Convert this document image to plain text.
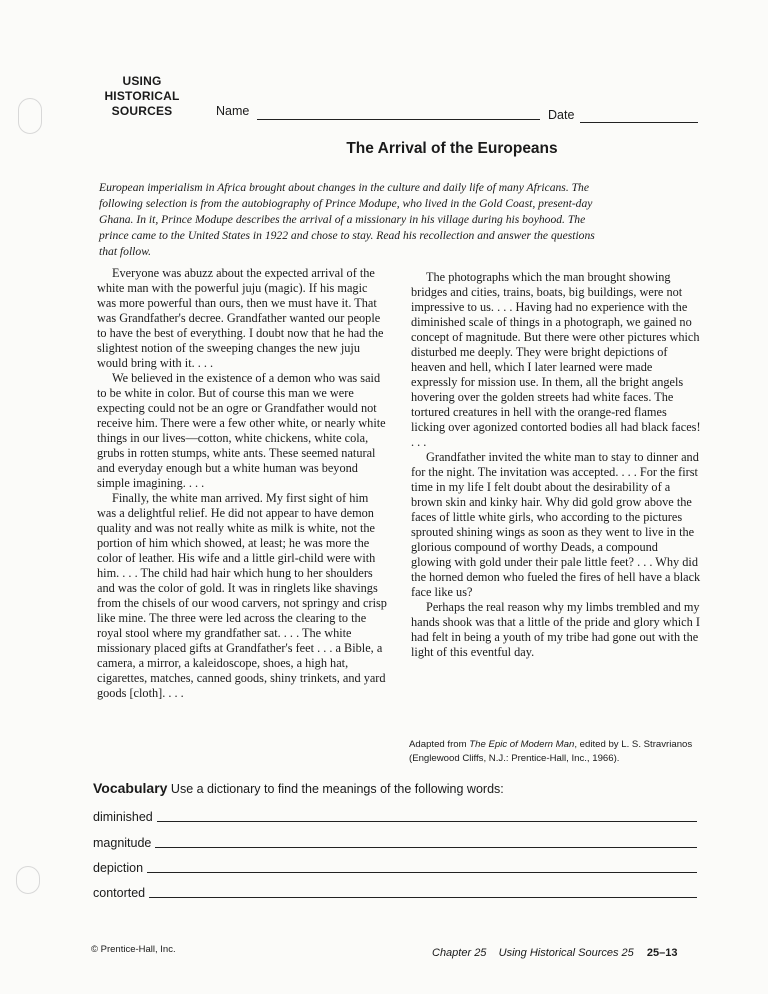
USING
HISTORICAL
SOURCES	Name	Date
The Arrival of the Europeans

European imperialism in Africa brought about changes in the culture and daily life of many Africans. The following selection is from the autobiography of Prince Modupe, who lived in the Gold Coast, present-day Ghana. In it, Prince Modupe describes the arrival of a missionary in his village during his boyhood. The prince came to the United States in 1922 and chose to stay. Read his recollection and answer the questions that follow.

Everyone was abuzz about the expected arrival of the white man with the powerful juju (magic). If his magic was more powerful than ours, then we must have it. That was Grandfather's decree. Grandfather wanted our people to have the best of everything. I doubt now that he had the slightest notion of the sweeping changes the new juju would bring with it. . . .

We believed in the existence of a demon who was said to be white in color. But of course this man we were expecting could not be an ogre or Grandfather would not receive him. There were a few other white, or nearly white things in our lives—cotton, white chickens, white cola, grubs in rotten stumps, white ants. These seemed natural and everyday enough but a white human was beyond simple imagining. . . .

Finally, the white man arrived. My first sight of him was a delightful relief. He did not appear to have demon quality and was not really white as milk is white, not the portion of him which showed, at least; he was more the color of leather. His wife and a little girl-child were with him. . . . The child had hair which hung to her shoulders and was the color of gold. It was in ringlets like shavings from the chisels of our wood carvers, not springy and crisp like mine. The three were led across the clearing to the royal stool where my grandfather sat. . . . The white missionary placed gifts at Grandfather's feet . . . a Bible, a camera, a mirror, a kaleidoscope, shoes, a high hat, cigarettes, matches, canned goods, shiny trinkets, and yard goods [cloth]. . . .

The photographs which the man brought showing bridges and cities, trains, boats, big buildings, were not impressive to us. . . . Having had no experience with the diminished scale of things in a photograph, we gained no concept of magnitude. But there were other pictures which disturbed me deeply. They were bright depictions of heaven and hell, which I later learned were made expressly for mission use. In them, all the bright angels hovering over the golden streets had white faces. The tortured creatures in hell with the orange-red flames licking over agonized contorted bodies all had black faces! . . .

Grandfather invited the white man to stay to dinner and for the night. The invitation was accepted. . . . For the first time in my life I felt doubt about the desirability of a brown skin and kinky hair. Why did gold grow above the faces of little white girls, who according to the pictures sprouted shining wings as soon as they went to live in the glorious compound of worthy Deads, a compound glowing with gold under their pale little feet? . . . Why did the horned demon who fueled the fires of hell have a black face like us?

Perhaps the real reason why my limbs trembled and my hands shook was that a little of the pride and glory which I had felt in being a youth of my tribe had gone out with the light of this eventful day.

Adapted from The Epic of Modern Man, edited by L. S. Stravrianos (Englewood Cliffs, N.J.: Prentice-Hall, Inc., 1966).
Vocabulary Use a dictionary to find the meanings of the following words:
diminished
magnitude
depiction
contorted
© Prentice-Hall, Inc.	Chapter 25 Using Historical Sources 25 25–13
